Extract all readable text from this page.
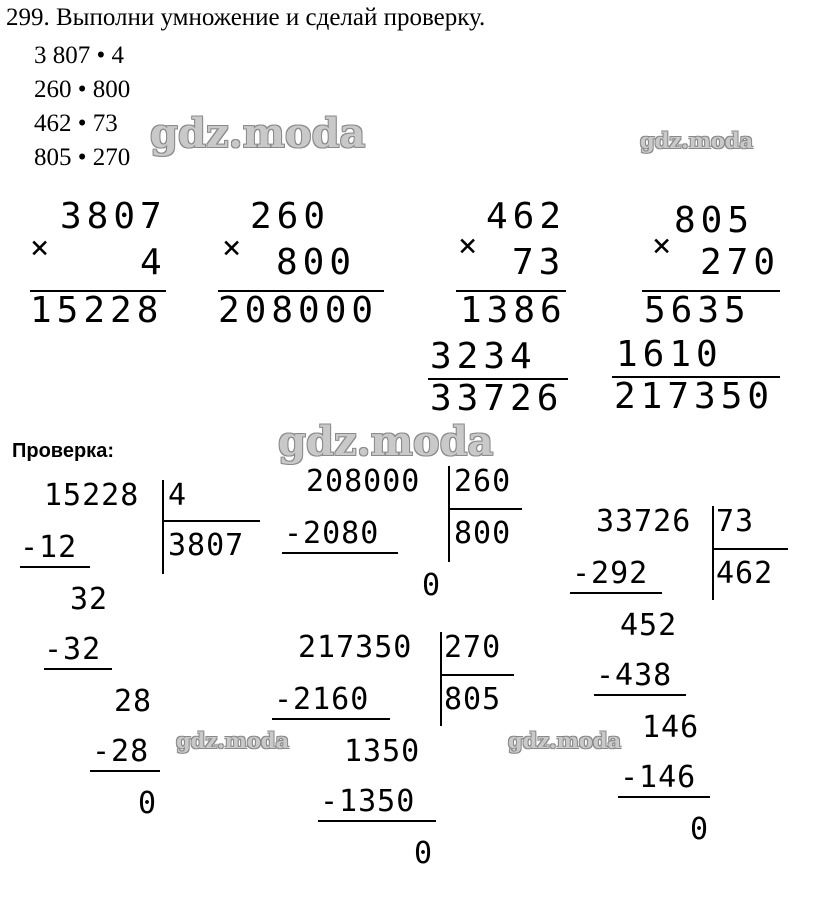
299. Выполни умножение и сделай проверку.
3 807 • 4
260 • 800
462 • 73
805 • 270
×
3807
4
15228
×
260
800
208000
×
462
73
1386
3234
33726
×
805
270
5635
1610
217350
Проверка:
15228 4
3807
-12
32
-32
28
-28
0
208000 260
800
-2080
0
33726 73
462
-292
452
-438
146
-146
0
217350 270
805
-2160
1350
-1350
0
gdz.moda	gdz.moda
gdz.moda
gdz.moda	gdz.moda
